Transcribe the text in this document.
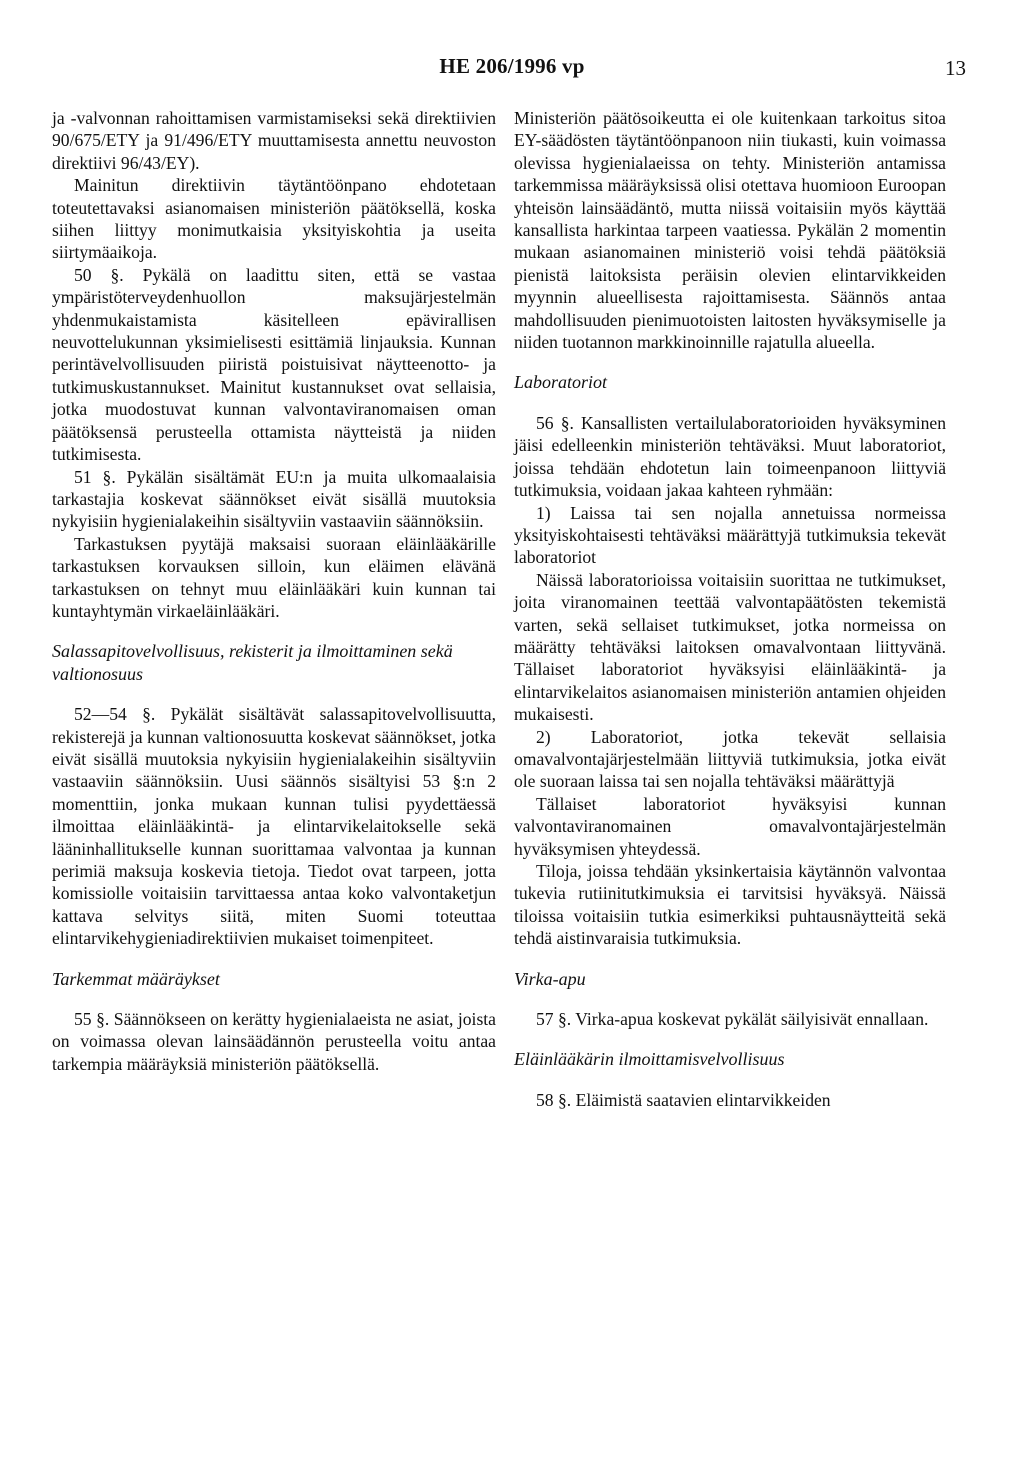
HE 206/1996 vp	13

ja -valvonnan rahoittamisen varmistamiseksi sekä direktiivien 90/675/ETY ja 91/496/ETY muuttamisesta annettu neuvoston direktiivi 96/43/EY).

Mainitun direktiivin täytäntöönpano ehdotetaan toteutettavaksi asianomaisen ministeriön päätöksellä, koska siihen liittyy monimutkaisia yksityiskohtia ja useita siirtymäaikoja.

50 §. Pykälä on laadittu siten, että se vastaa ympäristöterveydenhuollon maksujärjestelmän yhdenmukaistamista käsitelleen epävirallisen neuvottelukunnan yksimielisesti esittämiä linjauksia. Kunnan perintävelvollisuuden piiristä poistuisivat näytteenotto- ja tutkimuskustannukset. Mainitut kustannukset ovat sellaisia, jotka muodostuvat kunnan valvontaviranomaisen oman päätöksensä perusteella ottamista näytteistä ja niiden tutkimisesta.

51 §. Pykälän sisältämät EU:n ja muita ulkomaalaisia tarkastajia koskevat säännökset eivät sisällä muutoksia nykyisiin hygienialakeihin sisältyviin vastaaviin säännöksiin.

Tarkastuksen pyytäjä maksaisi suoraan eläinlääkärille tarkastuksen korvauksen silloin, kun eläimen elävänä tarkastuksen on tehnyt muu eläinlääkäri kuin kunnan tai kuntayhtymän virkaeläinlääkäri.

Salassapitovelvollisuus, rekisterit ja ilmoittaminen sekä valtionosuus

52—54 §. Pykälät sisältävät salassapitovelvollisuutta, rekisterejä ja kunnan valtionosuutta koskevat säännökset, jotka eivät sisällä muutoksia nykyisiin hygienialakeihin sisältyviin vastaaviin säännöksiin. Uusi säännös sisältyisi 53 §:n 2 momenttiin, jonka mukaan kunnan tulisi pyydettäessä ilmoittaa eläinlääkintä- ja elintarvikelaitokselle sekä lääninhallitukselle kunnan suorittamaa valvontaa ja kunnan perimiä maksuja koskevia tietoja. Tiedot ovat tarpeen, jotta komissiolle voitaisiin tarvittaessa antaa koko valvontaketjun kattava selvitys siitä, miten Suomi toteuttaa elintarvikehygieniadirektiivien mukaiset toimenpiteet.

Tarkemmat määräykset

55 §. Säännökseen on kerätty hygienialaeista ne asiat, joista on voimassa olevan lainsäädännön perusteella voitu antaa tarkempia määräyksiä ministeriön päätöksellä.

Ministeriön päätösoikeutta ei ole kuitenkaan tarkoitus sitoa EY-säädösten täytäntöönpanoon niin tiukasti, kuin voimassa olevissa hygienialaeissa on tehty. Ministeriön antamissa tarkemmissa määräyksissä olisi otettava huomioon Euroopan yhteisön lainsäädäntö, mutta niissä voitaisiin myös käyttää kansallista harkintaa tarpeen vaatiessa. Pykälän 2 momentin mukaan asianomainen ministeriö voisi tehdä päätöksiä pienistä laitoksista peräisin olevien elintarvikkeiden myynnin alueellisesta rajoittamisesta. Säännös antaa mahdollisuuden pienimuotoisten laitosten hyväksymiselle ja niiden tuotannon markkinoinnille rajatulla alueella.

Laboratoriot

56 §. Kansallisten vertailulaboratorioiden hyväksyminen jäisi edelleenkin ministeriön tehtäväksi. Muut laboratoriot, joissa tehdään ehdotetun lain toimeenpanoon liittyviä tutkimuksia, voidaan jakaa kahteen ryhmään:

1) Laissa tai sen nojalla annetuissa normeissa yksityiskohtaisesti tehtäväksi määrättyjä tutkimuksia tekevät laboratoriot

Näissä laboratorioissa voitaisiin suorittaa ne tutkimukset, joita viranomainen teettää valvontapäätösten tekemistä varten, sekä sellaiset tutkimukset, jotka normeissa on määrätty tehtäväksi laitoksen omavalvontaan liittyvänä. Tällaiset laboratoriot hyväksyisi eläinlääkintä- ja elintarvikelaitos asianomaisen ministeriön antamien ohjeiden mukaisesti.

2) Laboratoriot, jotka tekevät sellaisia omavalvontajärjestelmään liittyviä tutkimuksia, jotka eivät ole suoraan laissa tai sen nojalla tehtäväksi määrättyjä

Tällaiset laboratoriot hyväksyisi kunnan valvontaviranomainen omavalvontajärjestelmän hyväksymisen yhteydessä.

Tiloja, joissa tehdään yksinkertaisia käytännön valvontaa tukevia rutiinitutkimuksia ei tarvitsisi hyväksyä. Näissä tiloissa voitaisiin tutkia esimerkiksi puhtausnäytteitä sekä tehdä aistinvaraisia tutkimuksia.

Virka-apu

57 §. Virka-apua koskevat pykälät säilyisivät ennallaan.

Eläinlääkärin ilmoittamisvelvollisuus

58 §. Eläimistä saatavien elintarvikkeiden
